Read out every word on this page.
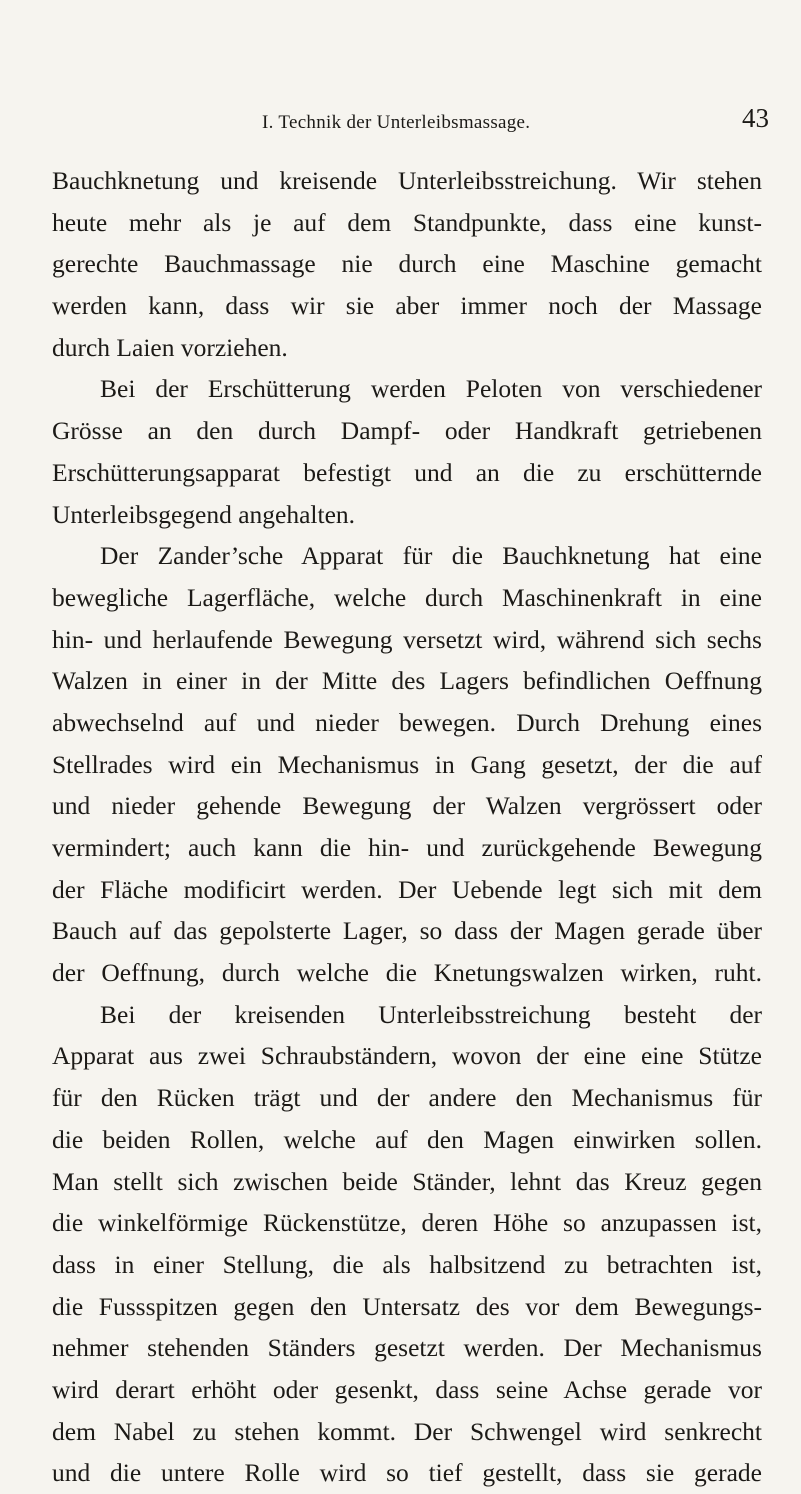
I. Technik der Unterleibsmassage.	43
Bauchknetung und kreisende Unterleibsstreichung. Wir stehen
heute mehr als je auf dem Standpunkte, dass eine kunst-
gerechte Bauchmassage nie durch eine Maschine gemacht
werden kann, dass wir sie aber immer noch der Massage
durch Laien vorziehen.
Bei der Erschütterung werden Peloten von verschiedener
Grösse an den durch Dampf- oder Handkraft getriebenen
Erschütterungsapparat befestigt und an die zu erschütternde
Unterleibsgegend angehalten.
Der Zander’sche Apparat für die Bauchknetung hat eine
bewegliche Lagerfläche, welche durch Maschinenkraft in eine
hin- und herlaufende Bewegung versetzt wird, während sich sechs
Walzen in einer in der Mitte des Lagers befindlichen Oeffnung
abwechselnd auf und nieder bewegen. Durch Drehung eines
Stellrades wird ein Mechanismus in Gang gesetzt, der die auf
und nieder gehende Bewegung der Walzen vergrössert oder
vermindert; auch kann die hin- und zurückgehende Bewegung
der Fläche modificirt werden. Der Uebende legt sich mit dem
Bauch auf das gepolsterte Lager, so dass der Magen gerade über
der Oeffnung, durch welche die Knetungswalzen wirken, ruht.
Bei der kreisenden Unterleibsstreichung besteht der
Apparat aus zwei Schraubständern, wovon der eine eine Stütze
für den Rücken trägt und der andere den Mechanismus für
die beiden Rollen, welche auf den Magen einwirken sollen.
Man stellt sich zwischen beide Ständer, lehnt das Kreuz gegen
die winkelförmige Rückenstütze, deren Höhe so anzupassen ist,
dass in einer Stellung, die als halbsitzend zu betrachten ist,
die Fussspitzen gegen den Untersatz des vor dem Bewegungs-
nehmer stehenden Ständers gesetzt werden. Der Mechanismus
wird derart erhöht oder gesenkt, dass seine Achse gerade vor
dem Nabel zu stehen kommt. Der Schwengel wird senkrecht
und die untere Rolle wird so tief gestellt, dass sie gerade
